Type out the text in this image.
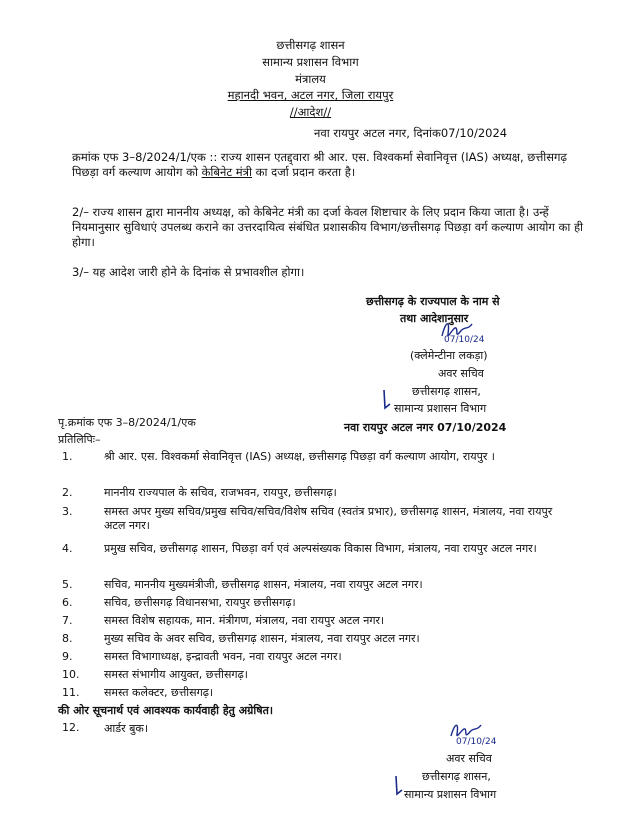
छत्तीसगढ़ शासन
सामान्य प्रशासन विभाग
मंत्रालय
महानदी भवन, अटल नगर, जिला रायपुर
//आदेश//
नवा रायपुर अटल नगर, दिनांक07/10/2024
क्रमांक एफ 3–8/2024/1/एक :: राज्य शासन एतद्द्वारा श्री आर. एस. विश्वकर्मा सेवानिवृत्त (IAS) अध्यक्ष, छत्तीसगढ़ पिछड़ा वर्ग कल्याण आयोग को केबिनेट मंत्री का दर्जा प्रदान करता है।
2/– राज्य शासन द्वारा माननीय अध्यक्ष, को केबिनेट मंत्री का दर्जा केवल शिष्टाचार के लिए प्रदान किया जाता है। उन्हें नियमानुसार सुविधाएं उपलब्ध कराने का उत्तरदायित्व संबंधित प्रशासकीय विभाग/छत्तीसगढ़ पिछड़ा वर्ग कल्याण आयोग का ही होगा।
3/– यह आदेश जारी होने के दिनांक से प्रभावशील होगा।
छत्तीसगढ़ के राज्यपाल के नाम से
तथा आदेशानुसार
07/10/24
(क्लेमेन्टीना लकड़ा)
अवर सचिव
छत्तीसगढ़ शासन,
सामान्य प्रशासन विभाग
पृ.क्रमांक एफ 3–8/2024/1/एक	नवा रायपुर अटल नगर 07/10/2024
प्रतिलिपिः–
1.	श्री आर. एस. विश्वकर्मा सेवानिवृत्त (IAS) अध्यक्ष, छत्तीसगढ़ पिछड़ा वर्ग कल्याण आयोग, रायपुर ।
2.	माननीय राज्यपाल के सचिव, राजभवन, रायपुर, छत्तीसगढ़।
3.	समस्त अपर मुख्य सचिव/प्रमुख सचिव/सचिव/विशेष सचिव (स्वतंत्र प्रभार), छत्तीसगढ़ शासन, मंत्रालय, नवा रायपुर अटल नगर।
4.	प्रमुख सचिव, छत्तीसगढ़ शासन, पिछड़ा वर्ग एवं अल्पसंख्यक विकास विभाग, मंत्रालय, नवा रायपुर अटल नगर।
5.	सचिव, माननीय मुख्यमंत्रीजी, छत्तीसगढ़ शासन, मंत्रालय, नवा रायपुर अटल नगर।
6.	सचिव, छत्तीसगढ़ विधानसभा, रायपुर छत्तीसगढ़।
7.	समस्त विशेष सहायक, मान. मंत्रीगण, मंत्रालय, नवा रायपुर अटल नगर।
8.	मुख्य सचिव के अवर सचिव, छत्तीसगढ़ शासन, मंत्रालय, नवा रायपुर अटल नगर।
9.	समस्त विभागाध्यक्ष, इन्द्रावती भवन, नवा रायपुर अटल नगर।
10. समस्त संभागीय आयुक्त, छत्तीसगढ़।
11. समस्त कलेक्टर, छत्तीसगढ़।
की ओर सूचनार्थ एवं आवश्यक कार्यवाही हेतु अग्रेषित।
12. आर्डर बुक।
07/10/24
अवर सचिव
छत्तीसगढ़ शासन,
सामान्य प्रशासन विभाग
